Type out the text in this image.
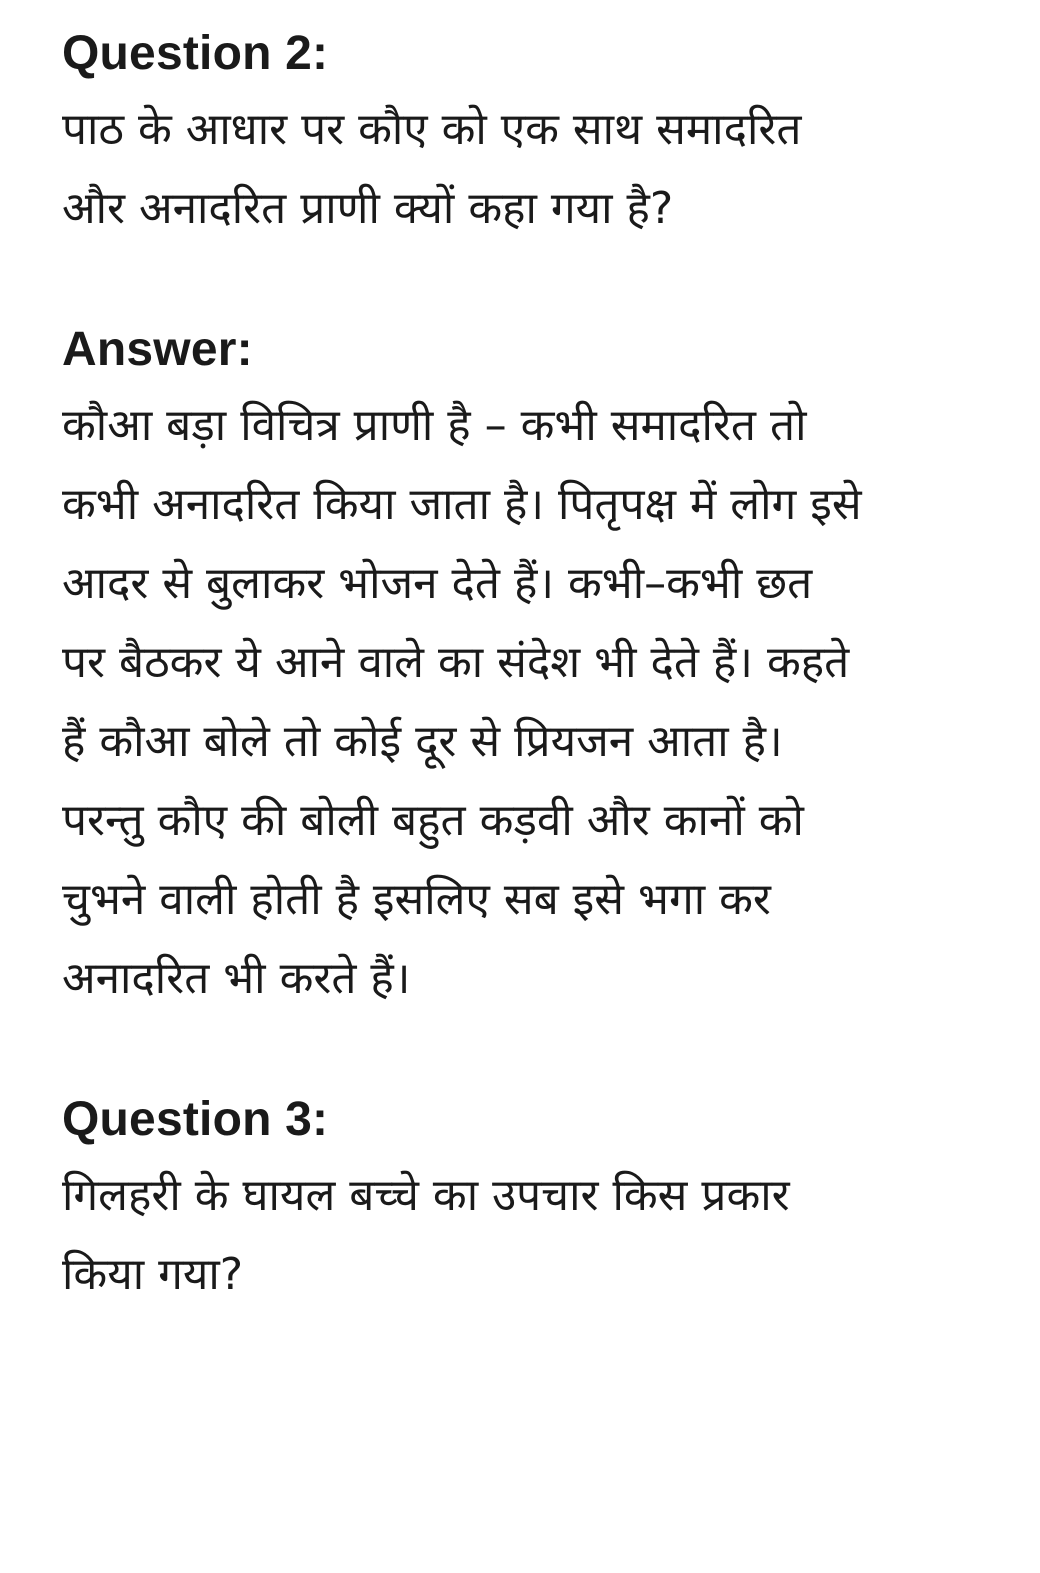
Question 2:

पाठ के आधार पर कौए को एक साथ समादरित
और अनादरित प्राणी क्यों कहा गया है?

Answer:

कौआ बड़ा विचित्र प्राणी है – कभी समादरित तो
कभी अनादरित किया जाता है। पितृपक्ष में लोग इसे
आदर से बुलाकर भोजन देते हैं। कभी–कभी छत
पर बैठकर ये आने वाले का संदेश भी देते हैं। कहते
हैं कौआ बोले तो कोई दूर से प्रियजन आता है।
परन्तु कौए की बोली बहुत कड़वी और कानों को
चुभने वाली होती है इसलिए सब इसे भगा कर
अनादरित भी करते हैं।

Question 3:

गिलहरी के घायल बच्चे का उपचार किस प्रकार
किया गया?
